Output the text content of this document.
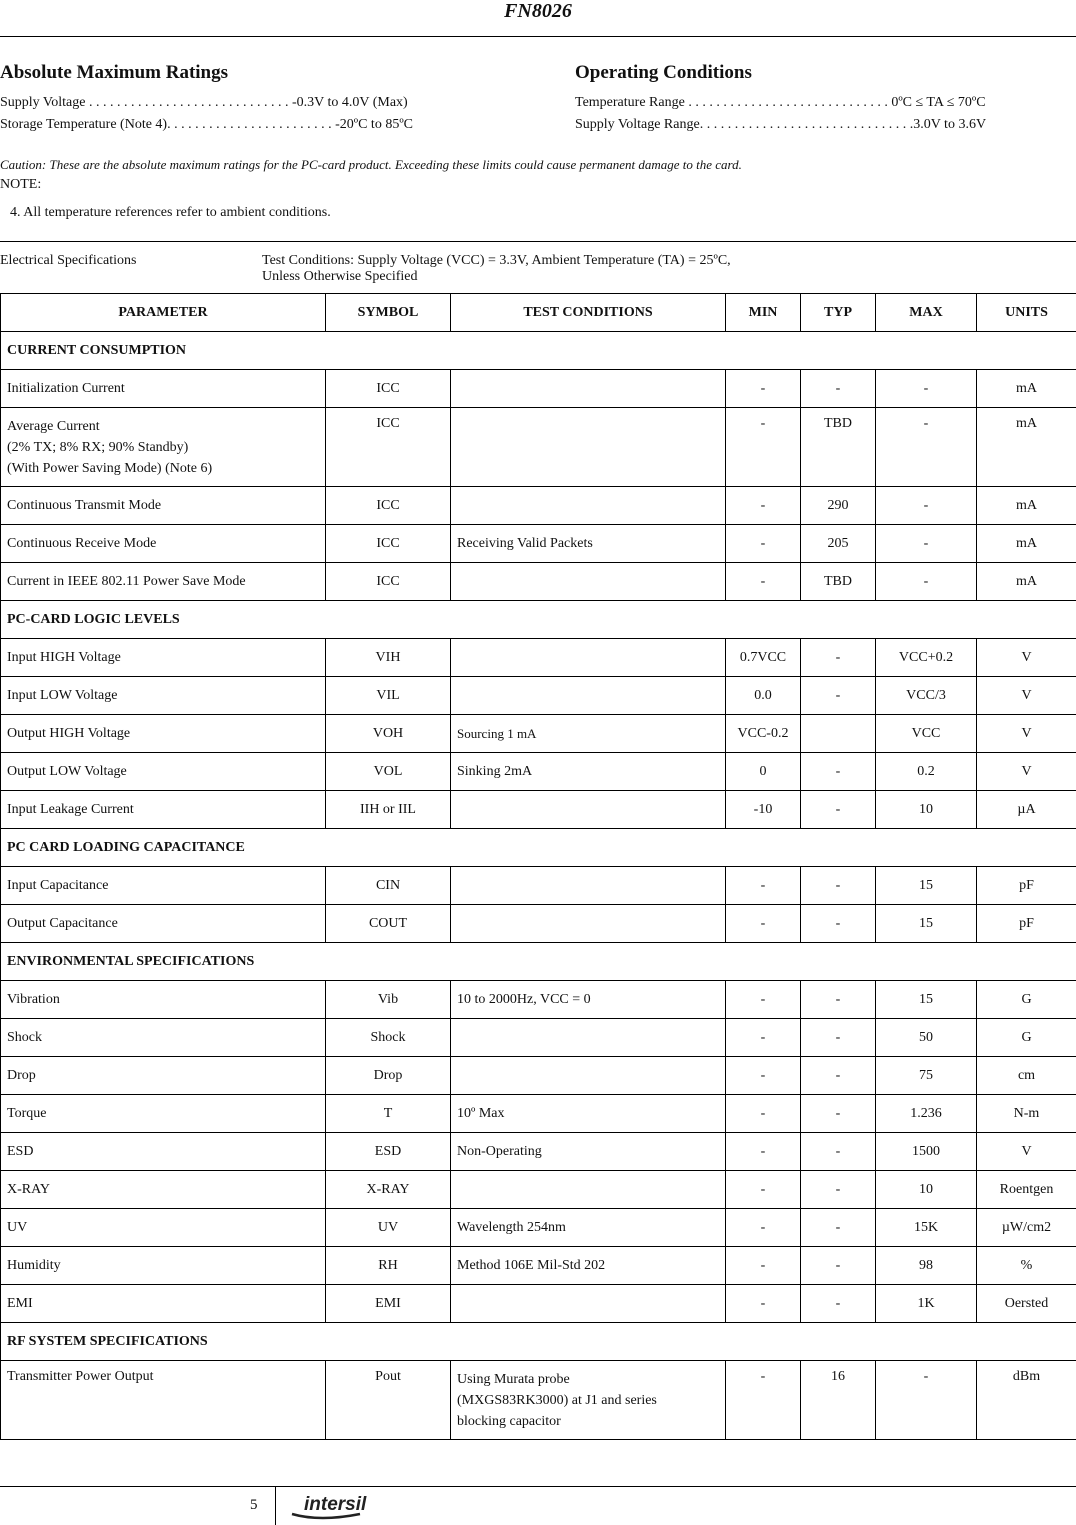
FN8026
Absolute Maximum Ratings
Supply Voltage . . . . . . . . . . . . . . . . . . . . . . . . . . . . . -0.3V to 4.0V (Max)
Storage Temperature (Note 4). . . . . . . . . . . . . . . . . . . . . . . . -20ºC to 85ºC
Operating Conditions
Temperature Range . . . . . . . . . . . . . . . . . . . . . . . . . . . . . 0ºC ≤ TA ≤ 70ºC
Supply Voltage Range. . . . . . . . . . . . . . . . . . . . . . . . . . . . . . .3.0V to 3.6V
Caution: These are the absolute maximum ratings for the PC-card product. Exceeding these limits could cause permanent damage to the card.
NOTE:
4. All temperature references refer to ambient conditions.
Electrical Specifications	Test Conditions: Supply Voltage (VCC) = 3.3V, Ambient Temperature (TA) = 25ºC,
Unless Otherwise Specified
PARAMETER	SYMBOL	TEST CONDITIONS	MIN	TYP	MAX	UNITS
CURRENT CONSUMPTION						
Initialization Current	ICC		-	-	-	mA

Average Current
(2% TX; 8% RX; 90% Standby)
(With Power Saving Mode) (Note 6)	ICC		-	TBD	-	mA
Continuous Transmit Mode	ICC		-	290	-	mA
Continuous Receive Mode	ICC	Receiving Valid Packets	-	205	-	mA
Current in IEEE 802.11 Power Save Mode	ICC		-	TBD	-	mA
PC-CARD LOGIC LEVELS						
Input HIGH Voltage	VIH		0.7VCC	-	VCC+0.2	V
Input LOW Voltage	VIL		0.0	-	VCC/3	V
Output HIGH Voltage	VOH	Sourcing 1 mA	VCC-0.2		VCC	V
Output LOW Voltage	VOL	Sinking 2mA	0	-	0.2	V
Input Leakage Current	IIH or IIL		-10	-	10	µA
PC CARD LOADING CAPACITANCE						
Input Capacitance	CIN		-	-	15	pF
Output Capacitance	COUT		-	-	15	pF
ENVIRONMENTAL SPECIFICATIONS						
Vibration	Vib	10 to 2000Hz, VCC = 0	-	-	15	G
Shock	Shock		-	-	50	G
Drop	Drop		-	-	75	cm
Torque	T	10º Max	-	-	1.236	N-m
ESD	ESD	Non-Operating	-	-	1500	V
X-RAY	X-RAY		-	-	10	Roentgen
UV	UV	Wavelength 254nm	-	-	15K	µW/cm2
Humidity	RH	Method 106E Mil-Std 202	-	-	98	%
EMI	EMI		-	-	1K	Oersted
RF SYSTEM SPECIFICATIONS						
Transmitter Power Output	Pout	Using Murata probe
(MXGS83RK3000) at J1 and series
blocking capacitor	-	16	-	dBm
5 intersil
